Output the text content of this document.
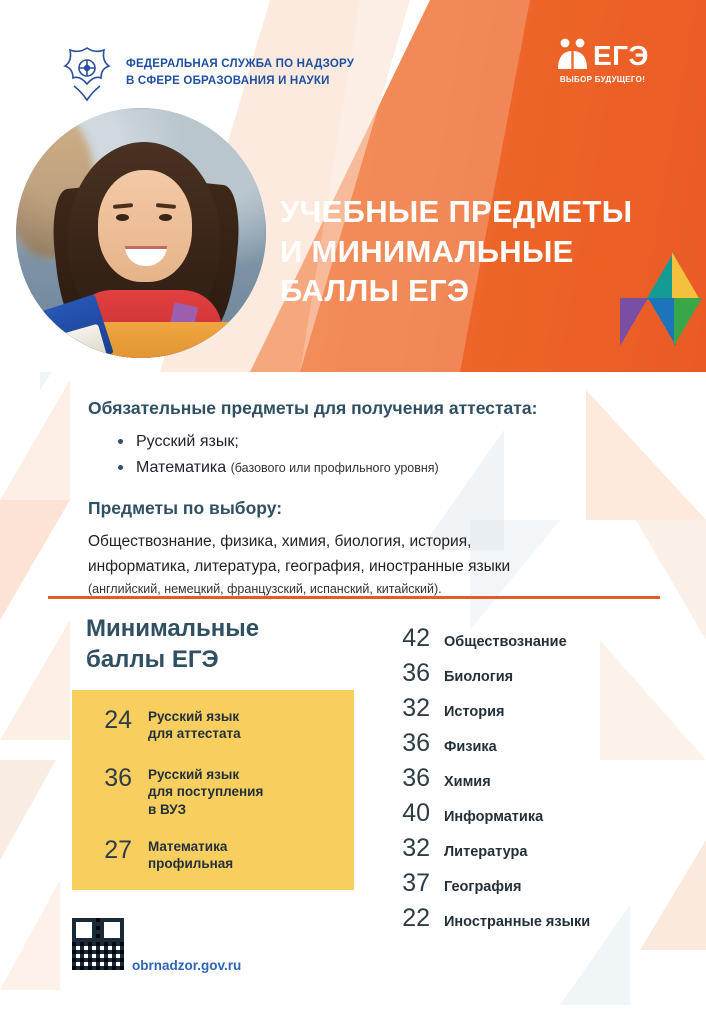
ФЕДЕРАЛЬНАЯ СЛУЖБА ПО НАДЗОРУ
В СФЕРЕ ОБРАЗОВАНИЯ И НАУКИ
ЕГЭ
ВЫБОР БУДУЩЕГО!
УЧЕБНЫЕ ПРЕДМЕТЫ
И МИНИМАЛЬНЫЕ
БАЛЛЫ ЕГЭ
Обязательные предметы для получения аттестата:
Русский язык;
Математика (базового или профильного уровня)
Предметы по выбору:
Обществознание, физика, химия, биология, история,
информатика, литература, география, иностранные языки
(английский, немецкий, французский, испанский, китайский).
Минимальные
баллы ЕГЭ
24 Русский язык
для аттестата
36 Русский язык
для поступления
в ВУЗ
27 Математика
профильная
42 Обществознание
36 Биология
32 История
36 Физика
36 Химия
40 Информатика
32 Литература
37 География
22 Иностранные языки
obrnadzor.gov.ru
